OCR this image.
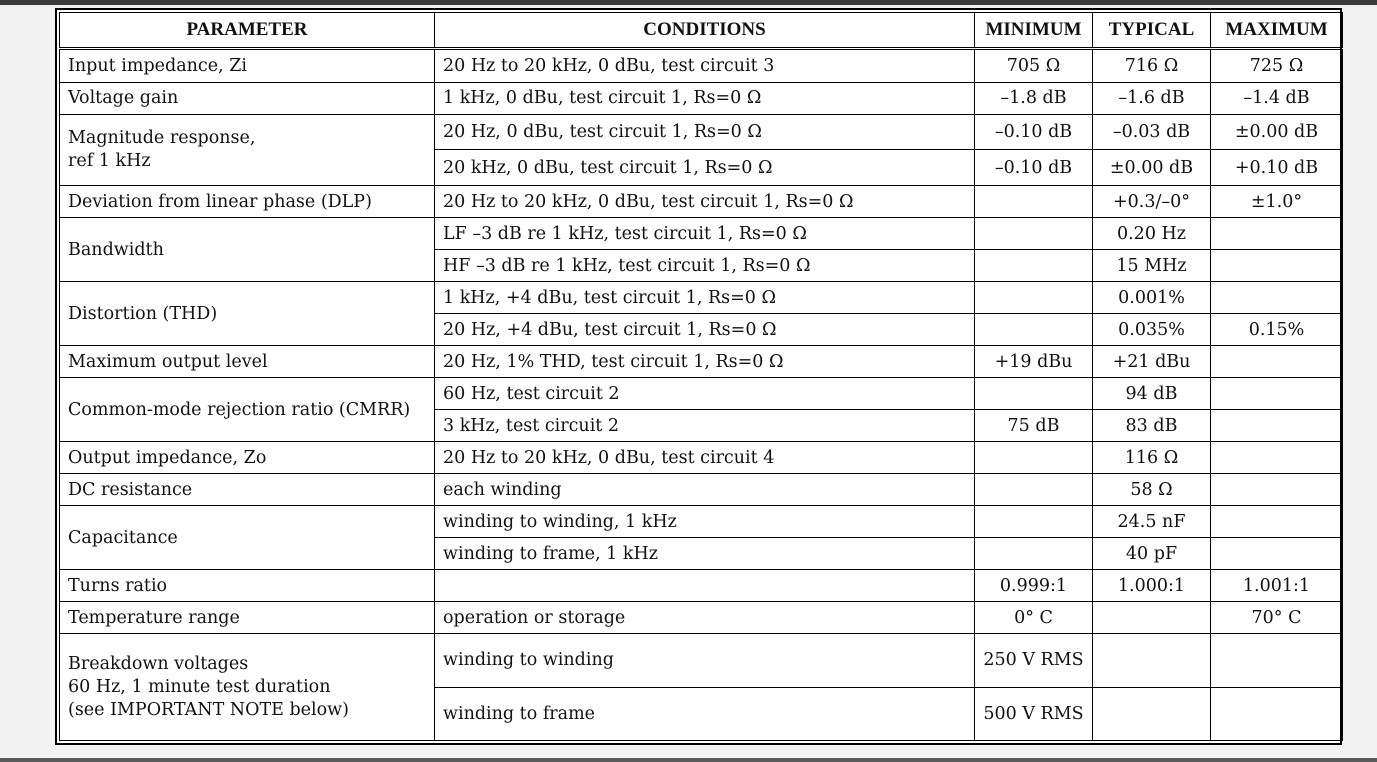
PARAMETER	CONDITIONS	MINIMUM	TYPICAL	MAXIMUM
Input impedance, Zi	20 Hz to 20 kHz, 0 dBu, test circuit 3	705 Ω	716 Ω	725 Ω
Voltage gain	1 kHz, 0 dBu, test circuit 1, Rs=0 Ω	–1.8 dB	–1.6 dB	–1.4 dB

Magnitude response,
ref 1 kHz	20 Hz, 0 dBu, test circuit 1, Rs=0 Ω	–0.10 dB	–0.03 dB	±0.00 dB
	20 kHz, 0 dBu, test circuit 1, Rs=0 Ω	–0.10 dB	±0.00 dB	+0.10 dB
Deviation from linear phase (DLP)	20 Hz to 20 kHz, 0 dBu, test circuit 1, Rs=0 Ω		+0.3/–0°	±1.0°
Bandwidth	LF –3 dB re 1 kHz, test circuit 1, Rs=0 Ω		0.20 Hz	
	HF –3 dB re 1 kHz, test circuit 1, Rs=0 Ω		15 MHz	
Distortion (THD)	1 kHz, +4 dBu, test circuit 1, Rs=0 Ω		0.001%	
	20 Hz, +4 dBu, test circuit 1, Rs=0 Ω		0.035%	0.15%
Maximum output level	20 Hz, 1% THD, test circuit 1, Rs=0 Ω	+19 dBu	+21 dBu	
Common-mode rejection ratio (CMRR)	60 Hz, test circuit 2		94 dB	
	3 kHz, test circuit 2	75 dB	83 dB	
Output impedance, Zo	20 Hz to 20 kHz, 0 dBu, test circuit 4		116 Ω	
DC resistance	each winding		58 Ω	
Capacitance	winding to winding, 1 kHz		24.5 nF	
	winding to frame, 1 kHz		40 pF	
Turns ratio		0.999:1	1.000:1	1.001:1
Temperature range	operation or storage	0° C		70° C

Breakdown voltages
60 Hz, 1 minute test duration
(see IMPORTANT NOTE below)	winding to winding	250 V RMS		
	winding to frame	500 V RMS		
